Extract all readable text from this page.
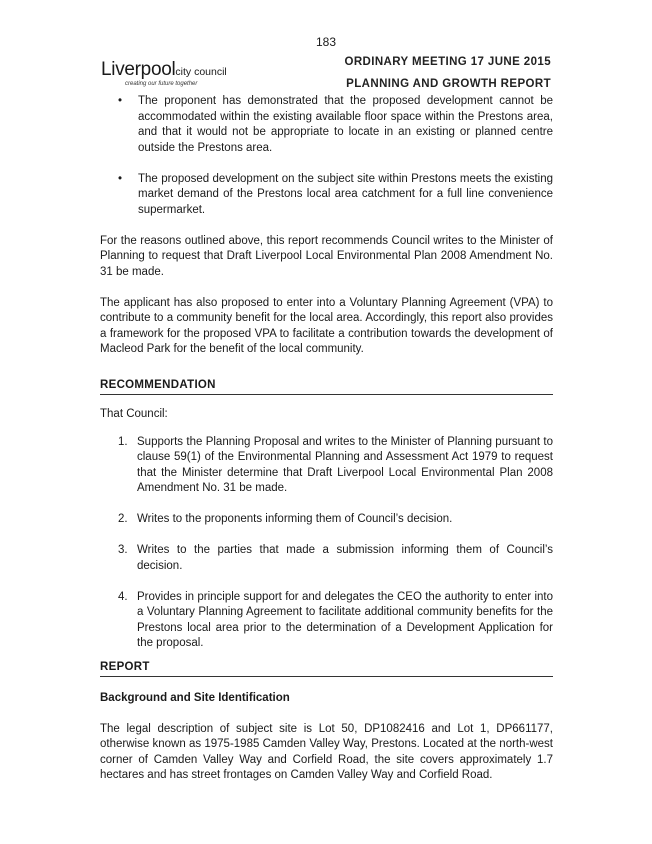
183
Liverpoolcity council
creating our future together
ORDINARY MEETING 17 JUNE 2015
PLANNING AND GROWTH REPORT
• The proponent has demonstrated that the proposed development cannot be accommodated within the existing available floor space within the Prestons area, and that it would not be appropriate to locate in an existing or planned centre outside the Prestons area.
• The proposed development on the subject site within Prestons meets the existing market demand of the Prestons local area catchment for a full line convenience supermarket.

For the reasons outlined above, this report recommends Council writes to the Minister of Planning to request that Draft Liverpool Local Environmental Plan 2008 Amendment No. 31 be made.

The applicant has also proposed to enter into a Voluntary Planning Agreement (VPA) to contribute to a community benefit for the local area. Accordingly, this report also provides a framework for the proposed VPA to facilitate a contribution towards the development of Macleod Park for the benefit of the local community.

RECOMMENDATION

That Council:

1. Supports the Planning Proposal and writes to the Minister of Planning pursuant to clause 59(1) of the Environmental Planning and Assessment Act 1979 to request that the Minister determine that Draft Liverpool Local Environmental Plan 2008 Amendment No. 31 be made.
2. Writes to the proponents informing them of Council’s decision.
3. Writes to the parties that made a submission informing them of Council’s decision.
4. Provides in principle support for and delegates the CEO the authority to enter into a Voluntary Planning Agreement to facilitate additional community benefits for the Prestons local area prior to the determination of a Development Application for the proposal.
REPORT

Background and Site Identification

The legal description of subject site is Lot 50, DP1082416 and Lot 1, DP661177, otherwise known as 1975-1985 Camden Valley Way, Prestons. Located at the north-west corner of Camden Valley Way and Corfield Road, the site covers approximately 1.7 hectares and has street frontages on Camden Valley Way and Corfield Road.
